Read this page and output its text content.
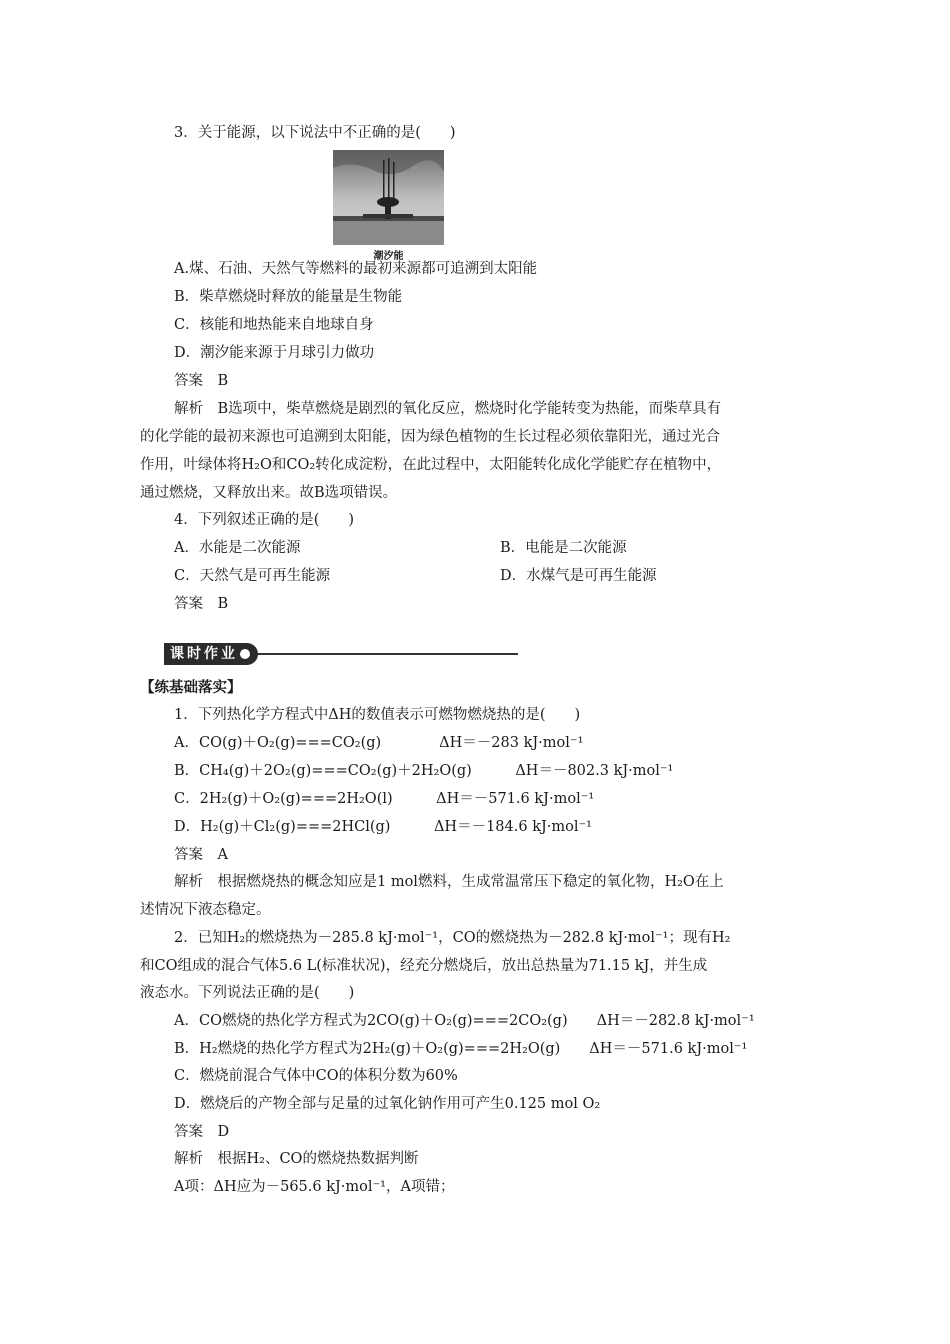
3．关于能源，以下说法中不正确的是(　　)
潮汐能
A.煤、石油、天然气等燃料的最初来源都可追溯到太阳能
B．柴草燃烧时释放的能量是生物能
C．核能和地热能来自地球自身
D．潮汐能来源于月球引力做功
答案　B
解析　B选项中，柴草燃烧是剧烈的氧化反应，燃烧时化学能转变为热能，而柴草具有
的化学能的最初来源也可追溯到太阳能，因为绿色植物的生长过程必须依靠阳光，通过光合
作用，叶绿体将H₂O和CO₂转化成淀粉，在此过程中，太阳能转化成化学能贮存在植物中，
通过燃烧，又释放出来。故B选项错误。
4．下列叙述正确的是(　　)
A．水能是二次能源	B．电能是二次能源
C．天然气是可再生能源	D．水煤气是可再生能源
答案　B
课时作业
【练基础落实】
1．下列热化学方程式中ΔH的数值表示可燃物燃烧热的是(　　)
A．CO(g)＋O₂(g)===CO₂(g)　　　　ΔH＝－283 kJ·mol⁻¹
B．CH₄(g)＋2O₂(g)===CO₂(g)＋2H₂O(g)　　　ΔH＝－802.3 kJ·mol⁻¹
C．2H₂(g)＋O₂(g)===2H₂O(l)　　　ΔH＝－571.6 kJ·mol⁻¹
D．H₂(g)＋Cl₂(g)===2HCl(g)　　　ΔH＝－184.6 kJ·mol⁻¹
答案　A
解析　根据燃烧热的概念知应是1 mol燃料，生成常温常压下稳定的氧化物，H₂O在上
述情况下液态稳定。
2．已知H₂的燃烧热为－285.8 kJ·mol⁻¹，CO的燃烧热为－282.8 kJ·mol⁻¹；现有H₂
和CO组成的混合气体5.6 L(标准状况)，经充分燃烧后，放出总热量为71.15 kJ，并生成
液态水。下列说法正确的是(　　)
A．CO燃烧的热化学方程式为2CO(g)＋O₂(g)===2CO₂(g)　　ΔH＝－282.8 kJ·mol⁻¹
B．H₂燃烧的热化学方程式为2H₂(g)＋O₂(g)===2H₂O(g)　　ΔH＝－571.6 kJ·mol⁻¹
C．燃烧前混合气体中CO的体积分数为60%
D．燃烧后的产物全部与足量的过氧化钠作用可产生0.125 mol O₂
答案　D
解析　根据H₂、CO的燃烧热数据判断
A项：ΔH应为－565.6 kJ·mol⁻¹，A项错；
